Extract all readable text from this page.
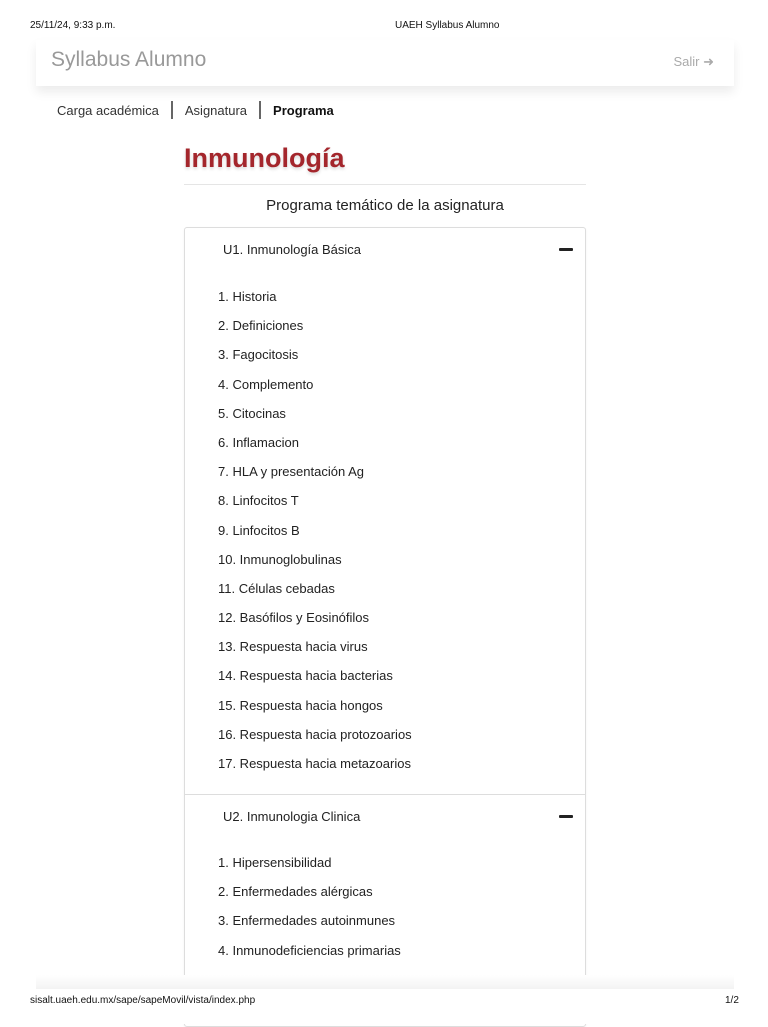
25/11/24, 9:33 p.m.	UAEH Syllabus Alumno
Syllabus Alumno	Salir ➜
Carga académica Asignatura Programa
Inmunología
Programa temático de la asignatura
U1. Inmunología Básica
1. Historia
2. Definiciones
3. Fagocitosis
4. Complemento
5. Citocinas
6. Inflamacion
7. HLA y presentación Ag
8. Linfocitos T
9. Linfocitos B
10. Inmunoglobulinas
11. Células cebadas
12. Basófilos y Eosinófilos
13. Respuesta hacia virus
14. Respuesta hacia bacterias
15. Respuesta hacia hongos
16. Respuesta hacia protozoarios
17. Respuesta hacia metazoarios
U2. Inmunologia Clinica
1. Hipersensibilidad
2. Enfermedades alérgicas
3. Enfermedades autoinmunes
4. Inmunodeficiencias primarias
sisalt.uaeh.edu.mx/sape/sapeMovil/vista/index.php	1/2
